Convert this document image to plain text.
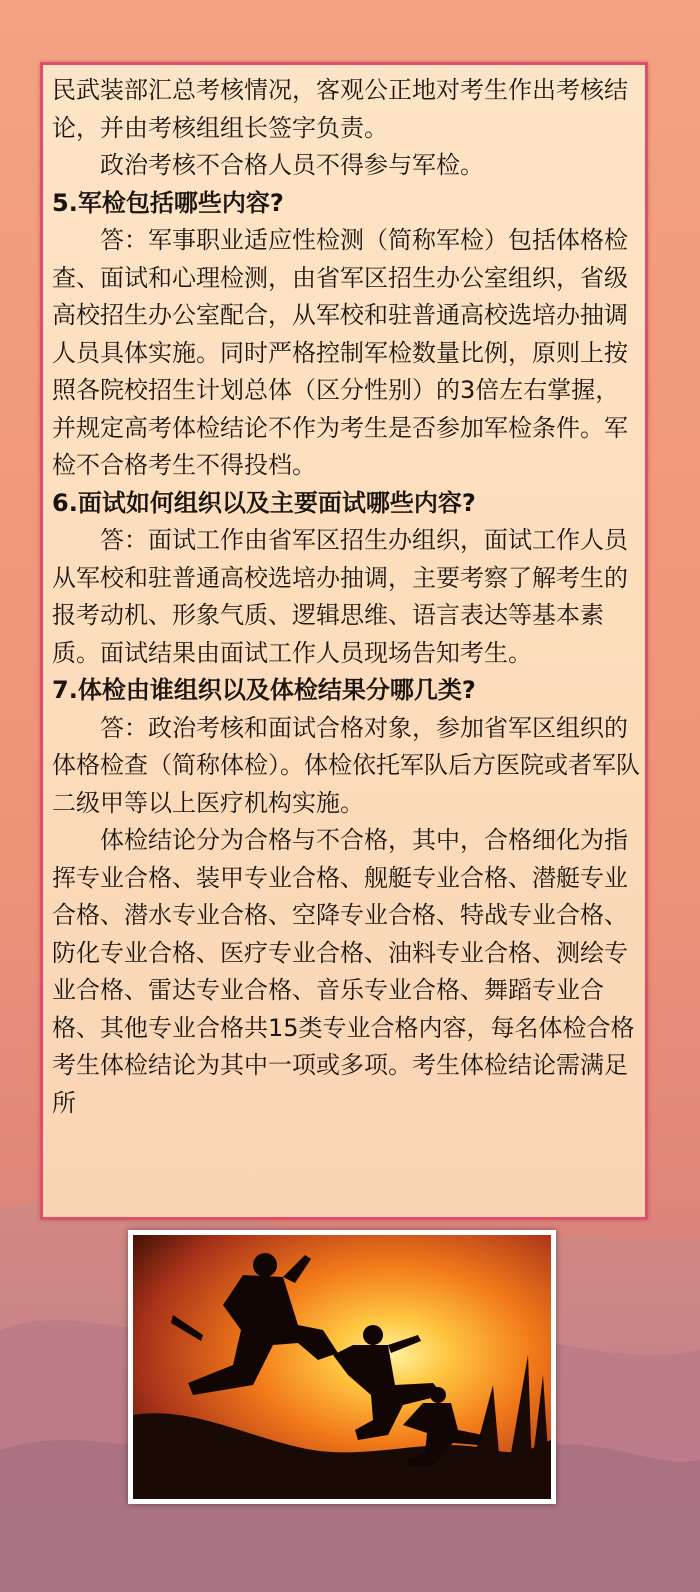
民武装部汇总考核情况，客观公正地对考生作出考核结论，并由考核组组长签字负责。

政治考核不合格人员不得参与军检。

5.军检包括哪些内容?

答：军事职业适应性检测（简称军检）包括体格检查、面试和心理检测，由省军区招生办公室组织，省级高校招生办公室配合，从军校和驻普通高校选培办抽调人员具体实施。同时严格控制军检数量比例，原则上按照各院校招生计划总体（区分性别）的3倍左右掌握，并规定高考体检结论不作为考生是否参加军检条件。军检不合格考生不得投档。

6.面试如何组织以及主要面试哪些内容?

答：面试工作由省军区招生办组织，面试工作人员从军校和驻普通高校选培办抽调，主要考察了解考生的报考动机、形象气质、逻辑思维、语言表达等基本素质。面试结果由面试工作人员现场告知考生。

7.体检由谁组织以及体检结果分哪几类?

答：政治考核和面试合格对象，参加省军区组织的体格检查（简称体检）。体检依托军队后方医院或者军队二级甲等以上医疗机构实施。

体检结论分为合格与不合格，其中，合格细化为指挥专业合格、装甲专业合格、舰艇专业合格、潜艇专业合格、潜水专业合格、空降专业合格、特战专业合格、防化专业合格、医疗专业合格、油料专业合格、测绘专业合格、雷达专业合格、音乐专业合格、舞蹈专业合格、其他专业合格共15类专业合格内容，每名体检合格考生体检结论为其中一项或多项。考生体检结论需满足所
